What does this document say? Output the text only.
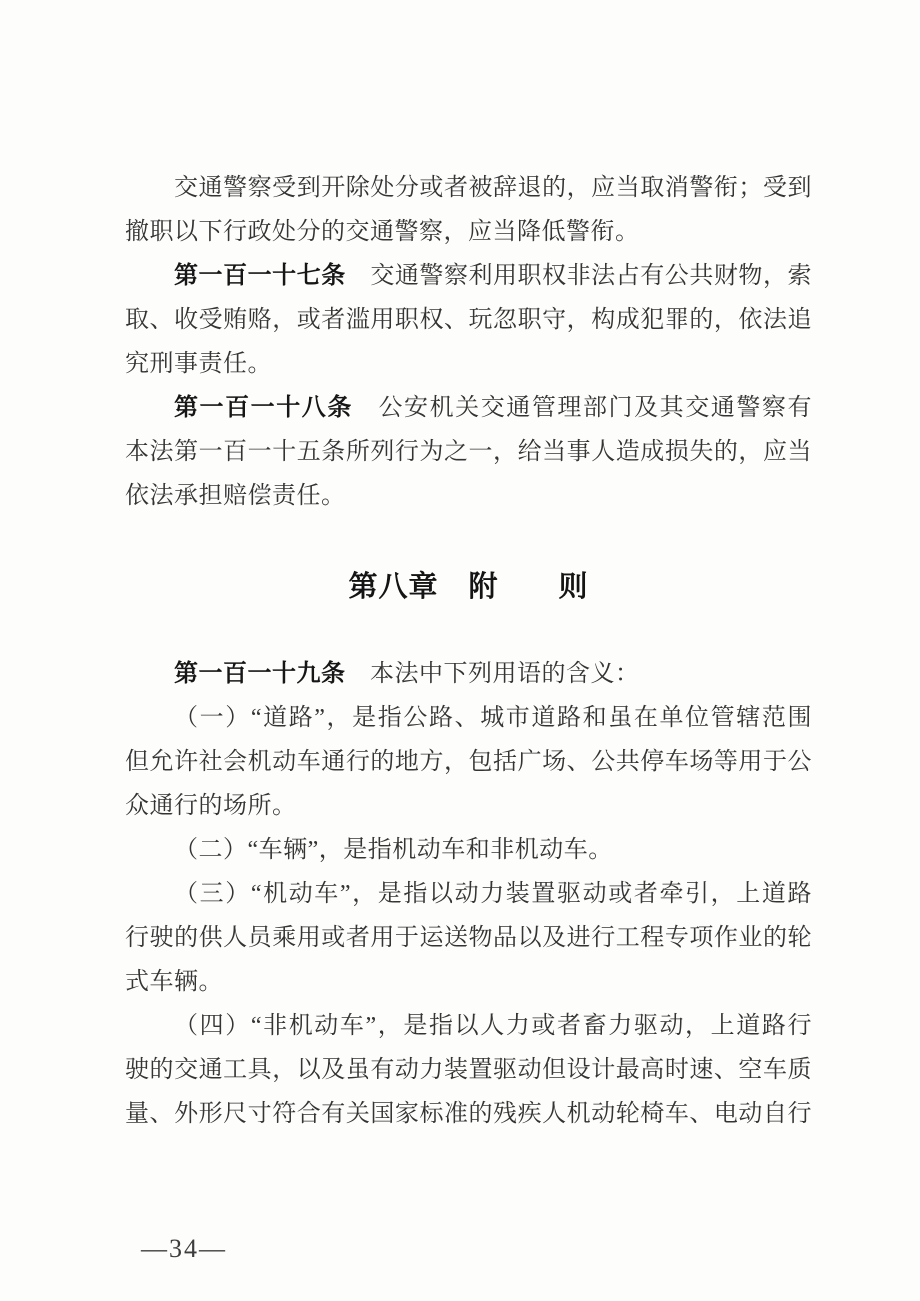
交通警察受到开除处分或者被辞退的，应当取消警衔；受到
撤职以下行政处分的交通警察，应当降低警衔。
第一百一十七条　交通警察利用职权非法占有公共财物，索
取、收受贿赂，或者滥用职权、玩忽职守，构成犯罪的，依法追
究刑事责任。
第一百一十八条　公安机关交通管理部门及其交通警察有
本法第一百一十五条所列行为之一，给当事人造成损失的，应当
依法承担赔偿责任。
第八章　附　　则
第一百一十九条　本法中下列用语的含义：
（一）“道路”，是指公路、城市道路和虽在单位管辖范围
但允许社会机动车通行的地方，包括广场、公共停车场等用于公
众通行的场所。
（二）“车辆”，是指机动车和非机动车。
（三）“机动车”，是指以动力装置驱动或者牵引，上道路
行驶的供人员乘用或者用于运送物品以及进行工程专项作业的轮
式车辆。
（四）“非机动车”，是指以人力或者畜力驱动，上道路行
驶的交通工具，以及虽有动力装置驱动但设计最高时速、空车质
量、外形尺寸符合有关国家标准的残疾人机动轮椅车、电动自行
—34—
